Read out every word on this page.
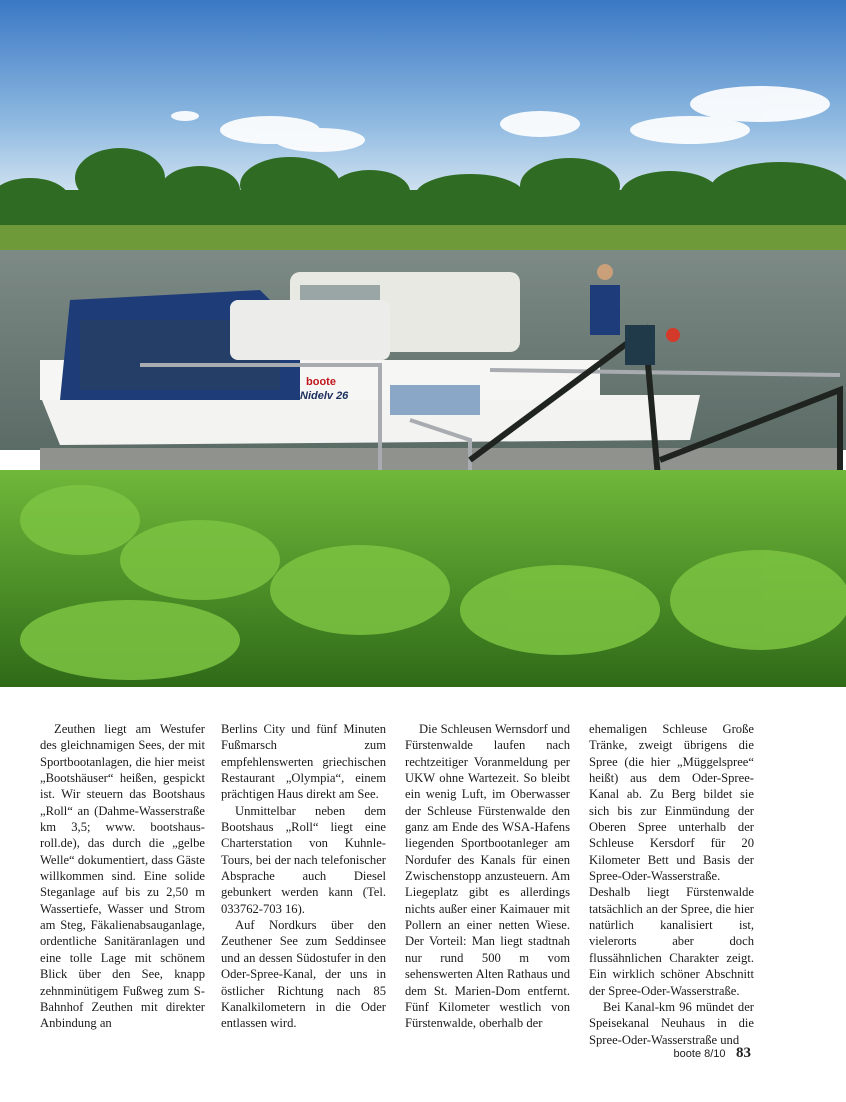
boote
Nidelv 26

Zeuthen liegt am Westufer des gleichnamigen Sees, der mit Sportbootanlagen, die hier meist „Bootshäuser“ heißen, gespickt ist. Wir steuern das Bootshaus „Roll“ an (Dahme-Wasserstraße km 3,5; www. bootshaus-roll.de), das durch die „gelbe Welle“ dokumentiert, dass Gäste willkommen sind. Eine solide Steganlage auf bis zu 2,50 m Wassertiefe, Wasser und Strom am Steg, Fäkalienabsauganlage, ordentliche Sanitäranlagen und eine tolle Lage mit schönem Blick über den See, knapp zehnminütigem Fußweg zum S-Bahnhof Zeuthen mit direkter Anbindung an

Berlins City und fünf Minuten Fußmarsch zum empfehlenswerten griechischen Restaurant „Olympia“, einem prächtigen Haus direkt am See.

Unmittelbar neben dem Bootshaus „Roll“ liegt eine Charterstation von Kuhnle-Tours, bei der nach telefonischer Absprache auch Diesel gebunkert werden kann (Tel. 033762-703 16).

Auf Nordkurs über den Zeuthener See zum Seddinsee und an dessen Südostufer in den Oder-Spree-Kanal, der uns in östlicher Richtung nach 85 Kanalkilometern in die Oder entlassen wird.

Die Schleusen Wernsdorf und Fürstenwalde laufen nach rechtzeitiger Voranmeldung per UKW ohne Wartezeit. So bleibt ein wenig Luft, im Oberwasser der Schleuse Fürstenwalde den ganz am Ende des WSA-Hafens liegenden Sportbootanleger am Nordufer des Kanals für einen Zwischenstopp anzusteuern. Am Liegeplatz gibt es allerdings nichts außer einer Kaimauer mit Pollern an einer netten Wiese. Der Vorteil: Man liegt stadtnah nur rund 500 m vom sehenswerten Alten Rathaus und dem St. Marien-Dom entfernt. Fünf Kilometer westlich von Fürstenwalde, oberhalb der

ehemaligen Schleuse Große Tränke, zweigt übrigens die Spree (die hier „Müggelspree“ heißt) aus dem Oder-Spree-Kanal ab. Zu Berg bildet sie sich bis zur Einmündung der Oberen Spree unterhalb der Schleuse Kersdorf für 20 Kilometer Bett und Basis der Spree-Oder-Wasserstraße. Deshalb liegt Fürstenwalde tatsächlich an der Spree, die hier natürlich kanalisiert ist, vielerorts aber doch flussähnlichen Charakter zeigt. Ein wirklich schöner Abschnitt der Spree-Oder-Wasserstraße.

Bei Kanal-km 96 mündet der Speisekanal Neuhaus in die Spree-Oder-Wasserstraße und

boote 8/10 83
